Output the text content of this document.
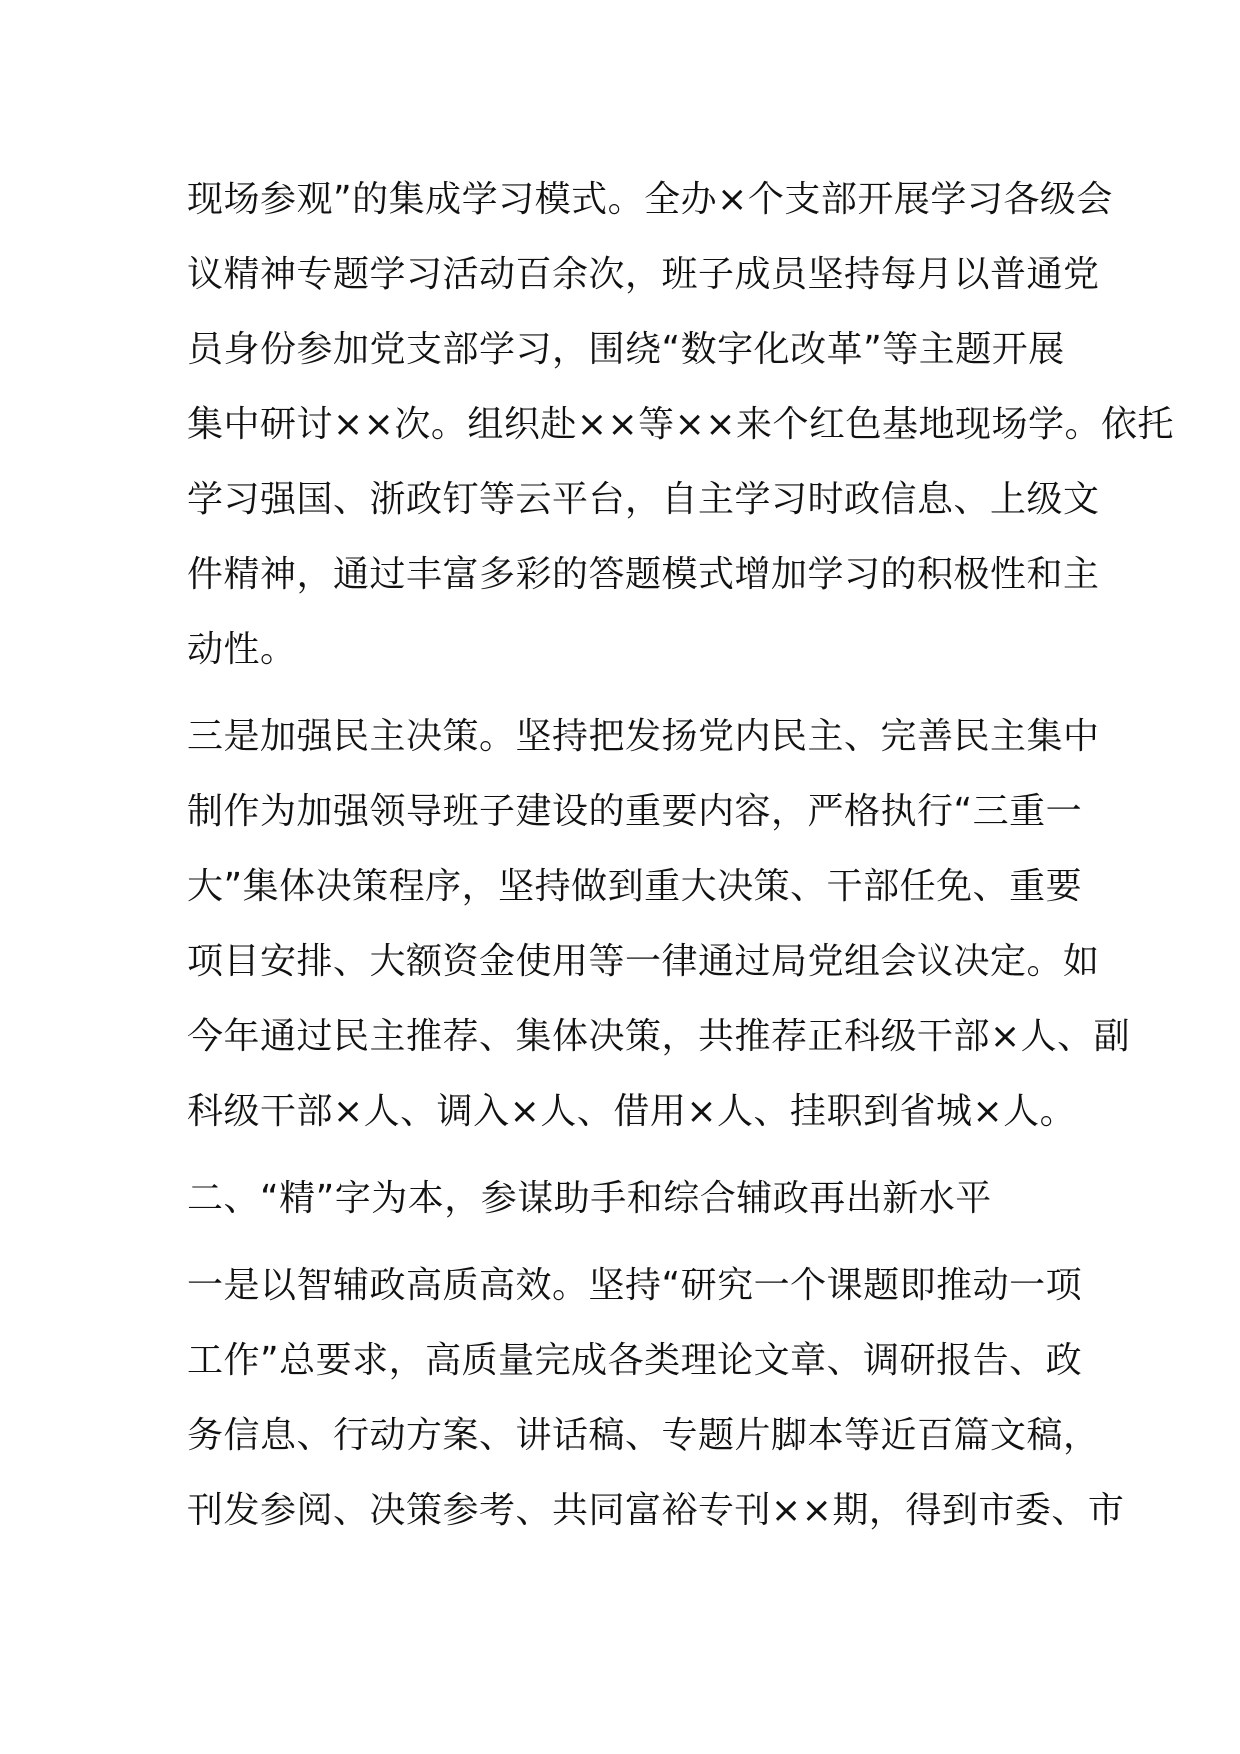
现场参观”的集成学习模式。全办×个支部开展学习各级会
议精神专题学习活动百余次，班子成员坚持每月以普通党
员身份参加党支部学习，围绕“数字化改革”等主题开展
集中研讨××次。组织赴××等××来个红色基地现场学。依托
学习强国、浙政钉等云平台，自主学习时政信息、上级文
件精神，通过丰富多彩的答题模式增加学习的积极性和主
动性。
三是加强民主决策。坚持把发扬党内民主、完善民主集中
制作为加强领导班子建设的重要内容，严格执行“三重一
大”集体决策程序，坚持做到重大决策、干部任免、重要
项目安排、大额资金使用等一律通过局党组会议决定。如
今年通过民主推荐、集体决策，共推荐正科级干部×人、副
科级干部×人、调入×人、借用×人、挂职到省城×人。
二、“精”字为本，参谋助手和综合辅政再出新水平
一是以智辅政高质高效。坚持“研究一个课题即推动一项
工作”总要求，高质量完成各类理论文章、调研报告、政
务信息、行动方案、讲话稿、专题片脚本等近百篇文稿，
刊发参阅、决策参考、共同富裕专刊××期，得到市委、市
